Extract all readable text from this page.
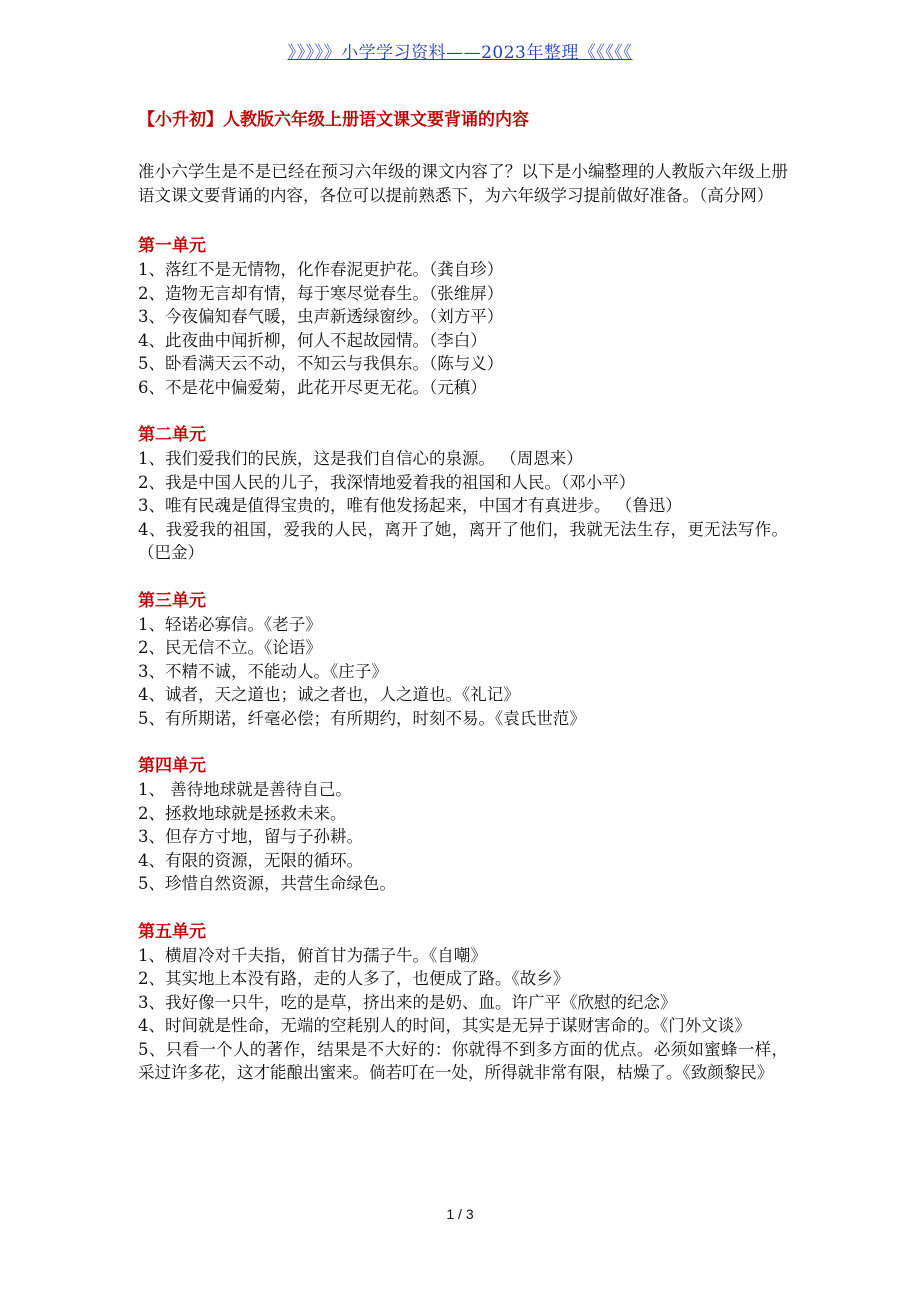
》》》》》小学学习资料——2023年整理《《《《《
【小升初】人教版六年级上册语文课文要背诵的内容
准小六学生是不是已经在预习六年级的课文内容了？以下是小编整理的人教版六年级上册语文课文要背诵的内容，各位可以提前熟悉下，为六年级学习提前做好准备。（高分网）
第一单元
1、落红不是无情物，化作春泥更护花。（龚自珍）
2、造物无言却有情，每于寒尽觉春生。（张维屏）
3、今夜偏知春气暖，虫声新透绿窗纱。（刘方平）
4、此夜曲中闻折柳，何人不起故园情。（李白）
5、卧看满天云不动，不知云与我俱东。（陈与义）
6、不是花中偏爱菊，此花开尽更无花。（元稹）
第二单元
1、我们爱我们的民族，这是我们自信心的泉源。 （周恩来）
2、我是中国人民的儿子，我深情地爱着我的祖国和人民。（邓小平）
3、唯有民魂是值得宝贵的，唯有他发扬起来，中国才有真进步。 （鲁迅）
4、我爱我的祖国，爱我的人民，离开了她，离开了他们，我就无法生存，更无法写作。（巴金）
第三单元
1、轻诺必寡信。《老子》
2、民无信不立。《论语》
3、不精不诚，不能动人。《庄子》
4、诚者，天之道也；诚之者也，人之道也。《礼记》
5、有所期诺，纤毫必偿；有所期约，时刻不易。《袁氏世范》
第四单元
1、 善待地球就是善待自己。
2、拯救地球就是拯救未来。
3、但存方寸地，留与子孙耕。
4、有限的资源，无限的循环。
5、珍惜自然资源，共营生命绿色。
第五单元
1、横眉冷对千夫指，俯首甘为孺子牛。《自嘲》
2、其实地上本没有路，走的人多了，也便成了路。《故乡》
3、我好像一只牛，吃的是草，挤出来的是奶、血。许广平《欣慰的纪念》
4、时间就是性命，无端的空耗别人的时间，其实是无异于谋财害命的。《门外文谈》
5、只看一个人的著作，结果是不大好的：你就得不到多方面的优点。必须如蜜蜂一样，采过许多花，这才能酿出蜜来。倘若叮在一处，所得就非常有限，枯燥了。《致颜黎民》
1 / 3
